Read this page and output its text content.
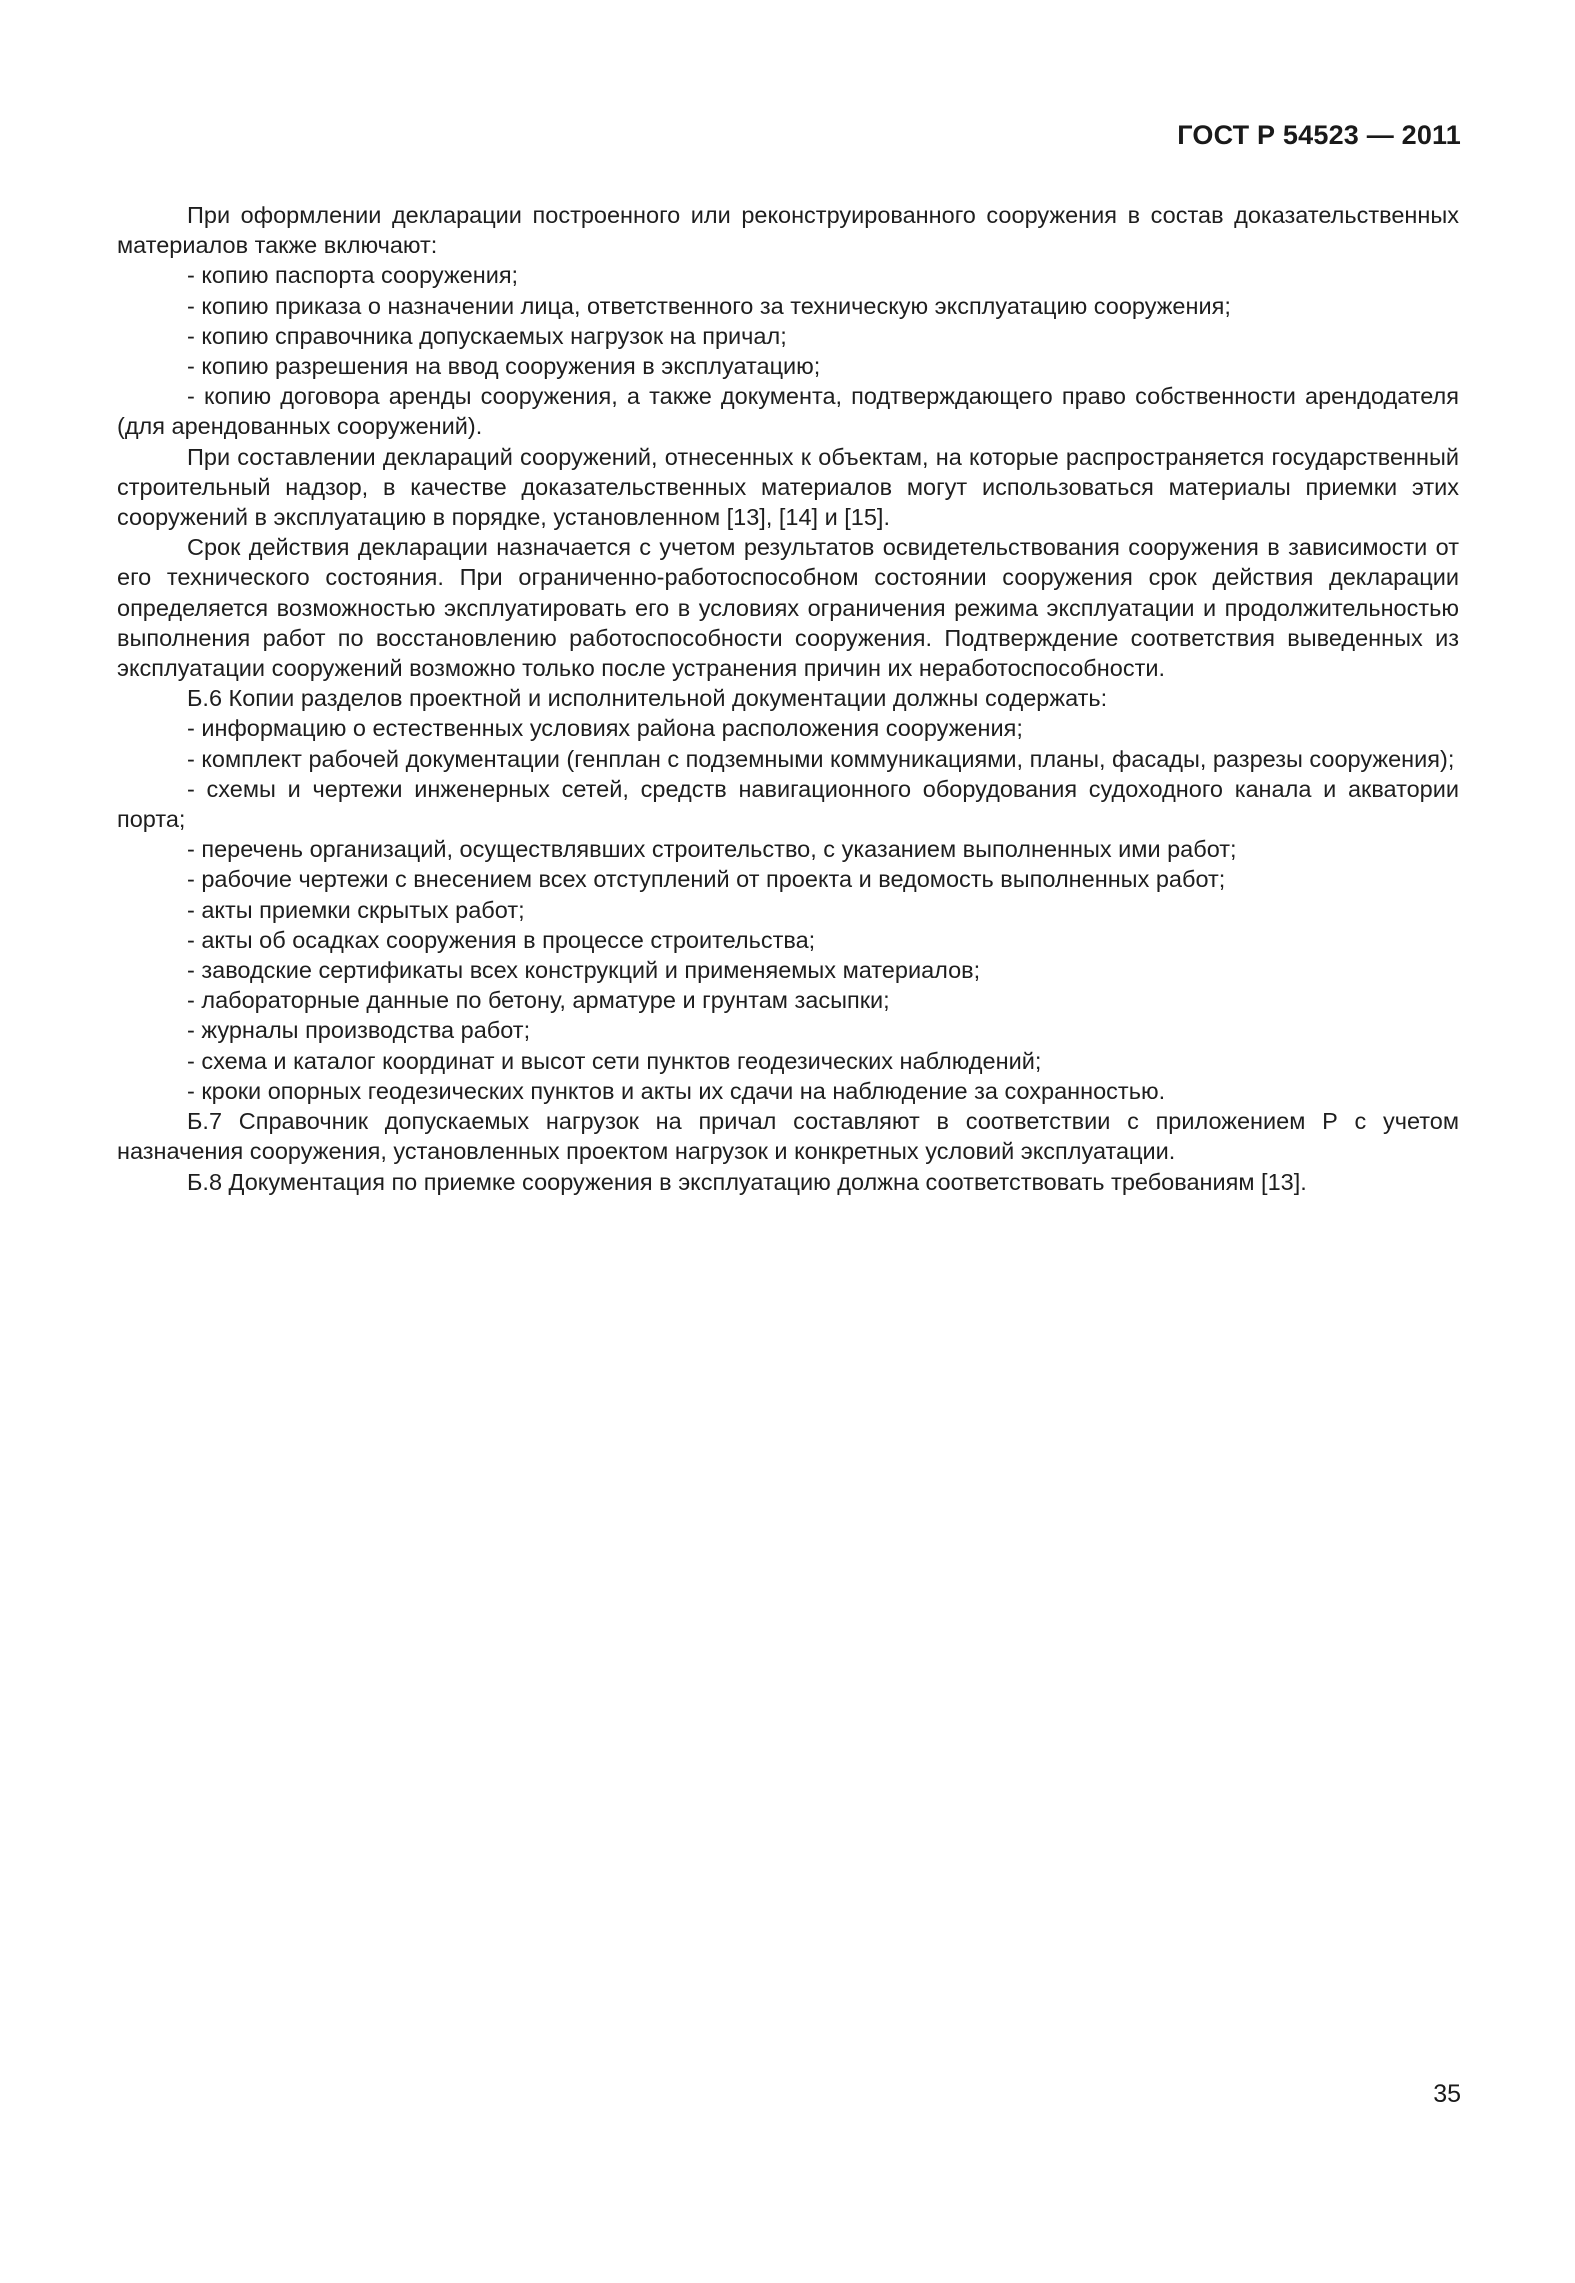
ГОСТ Р 54523 — 2011

При оформлении декларации построенного или реконструированного сооружения в состав доказательственных материалов также включают:

- копию паспорта сооружения;

- копию приказа о назначении лица, ответственного за техническую эксплуатацию сооружения;

- копию справочника допускаемых нагрузок на причал;

- копию разрешения на ввод сооружения в эксплуатацию;

- копию договора аренды сооружения, а также документа, подтверждающего право собственности арендодателя (для арендованных сооружений).

При составлении деклараций сооружений, отнесенных к объектам, на которые распространяется государственный строительный надзор, в качестве доказательственных материалов могут использоваться материалы приемки этих сооружений в эксплуатацию в порядке, установленном [13], [14] и [15].

Срок действия декларации назначается с учетом результатов освидетельствования сооружения в зависимости от его технического состояния. При ограниченно-работоспособном состоянии сооружения срок действия декларации определяется возможностью эксплуатировать его в условиях ограничения режима эксплуатации и продолжительностью выполнения работ по восстановлению работоспособности сооружения. Подтверждение соответствия выведенных из эксплуатации сооружений возможно только после устранения причин их неработоспособности.

Б.6 Копии разделов проектной и исполнительной документации должны содержать:

- информацию о естественных условиях района расположения сооружения;

- комплект рабочей документации (генплан с подземными коммуникациями, планы, фасады, разрезы сооружения);

- схемы и чертежи инженерных сетей, средств навигационного оборудования судоходного канала и акватории порта;

- перечень организаций, осуществлявших строительство, с указанием выполненных ими работ;

- рабочие чертежи с внесением всех отступлений от проекта и ведомость выполненных работ;

- акты приемки скрытых работ;

- акты об осадках сооружения в процессе строительства;

- заводские сертификаты всех конструкций и применяемых материалов;

- лабораторные данные по бетону, арматуре и грунтам засыпки;

- журналы производства работ;

- схема и каталог координат и высот сети пунктов геодезических наблюдений;

- кроки опорных геодезических пунктов и акты их сдачи на наблюдение за сохранностью.

Б.7 Справочник допускаемых нагрузок на причал составляют в соответствии с приложением Р с учетом назначения сооружения, установленных проектом нагрузок и конкретных условий эксплуатации.

Б.8 Документация по приемке сооружения в эксплуатацию должна соответствовать требованиям [13].

35
